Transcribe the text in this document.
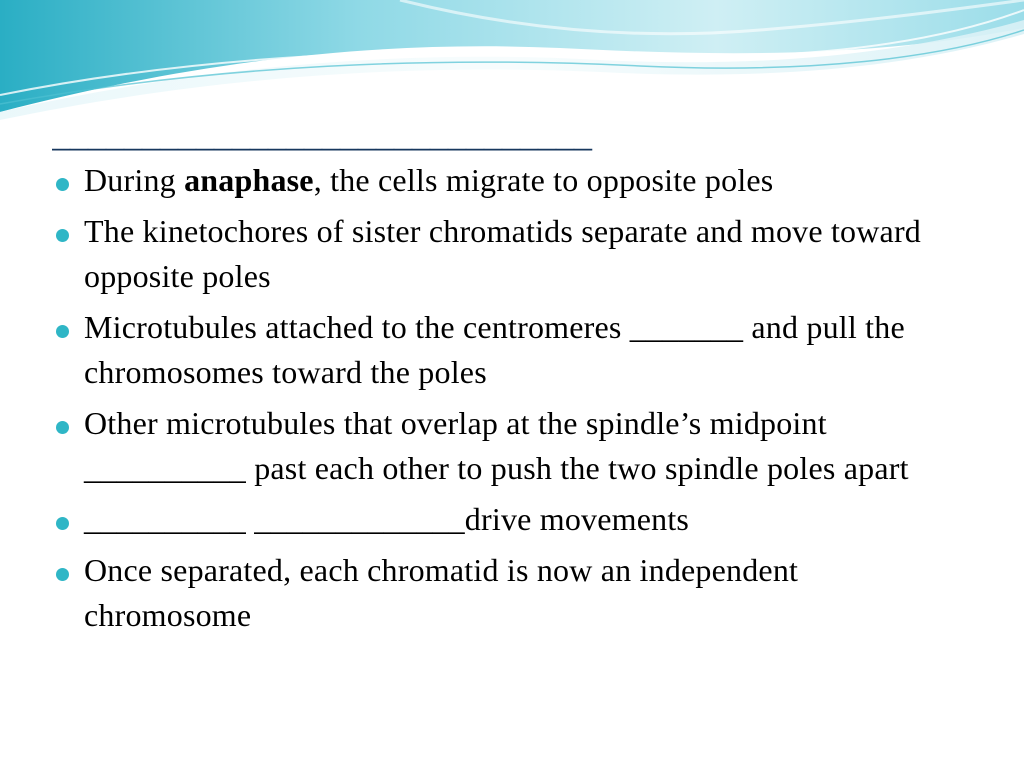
______________________________
During anaphase, the cells migrate to opposite poles
The kinetochores of sister chromatids separate and move toward opposite poles
Microtubules attached to the centromeres _______ and pull the chromosomes toward the poles
Other microtubules that overlap at the spindle’s midpoint __________ past each other to push the two spindle poles apart
__________ _____________drive movements
Once separated, each chromatid is now an independent chromosome
